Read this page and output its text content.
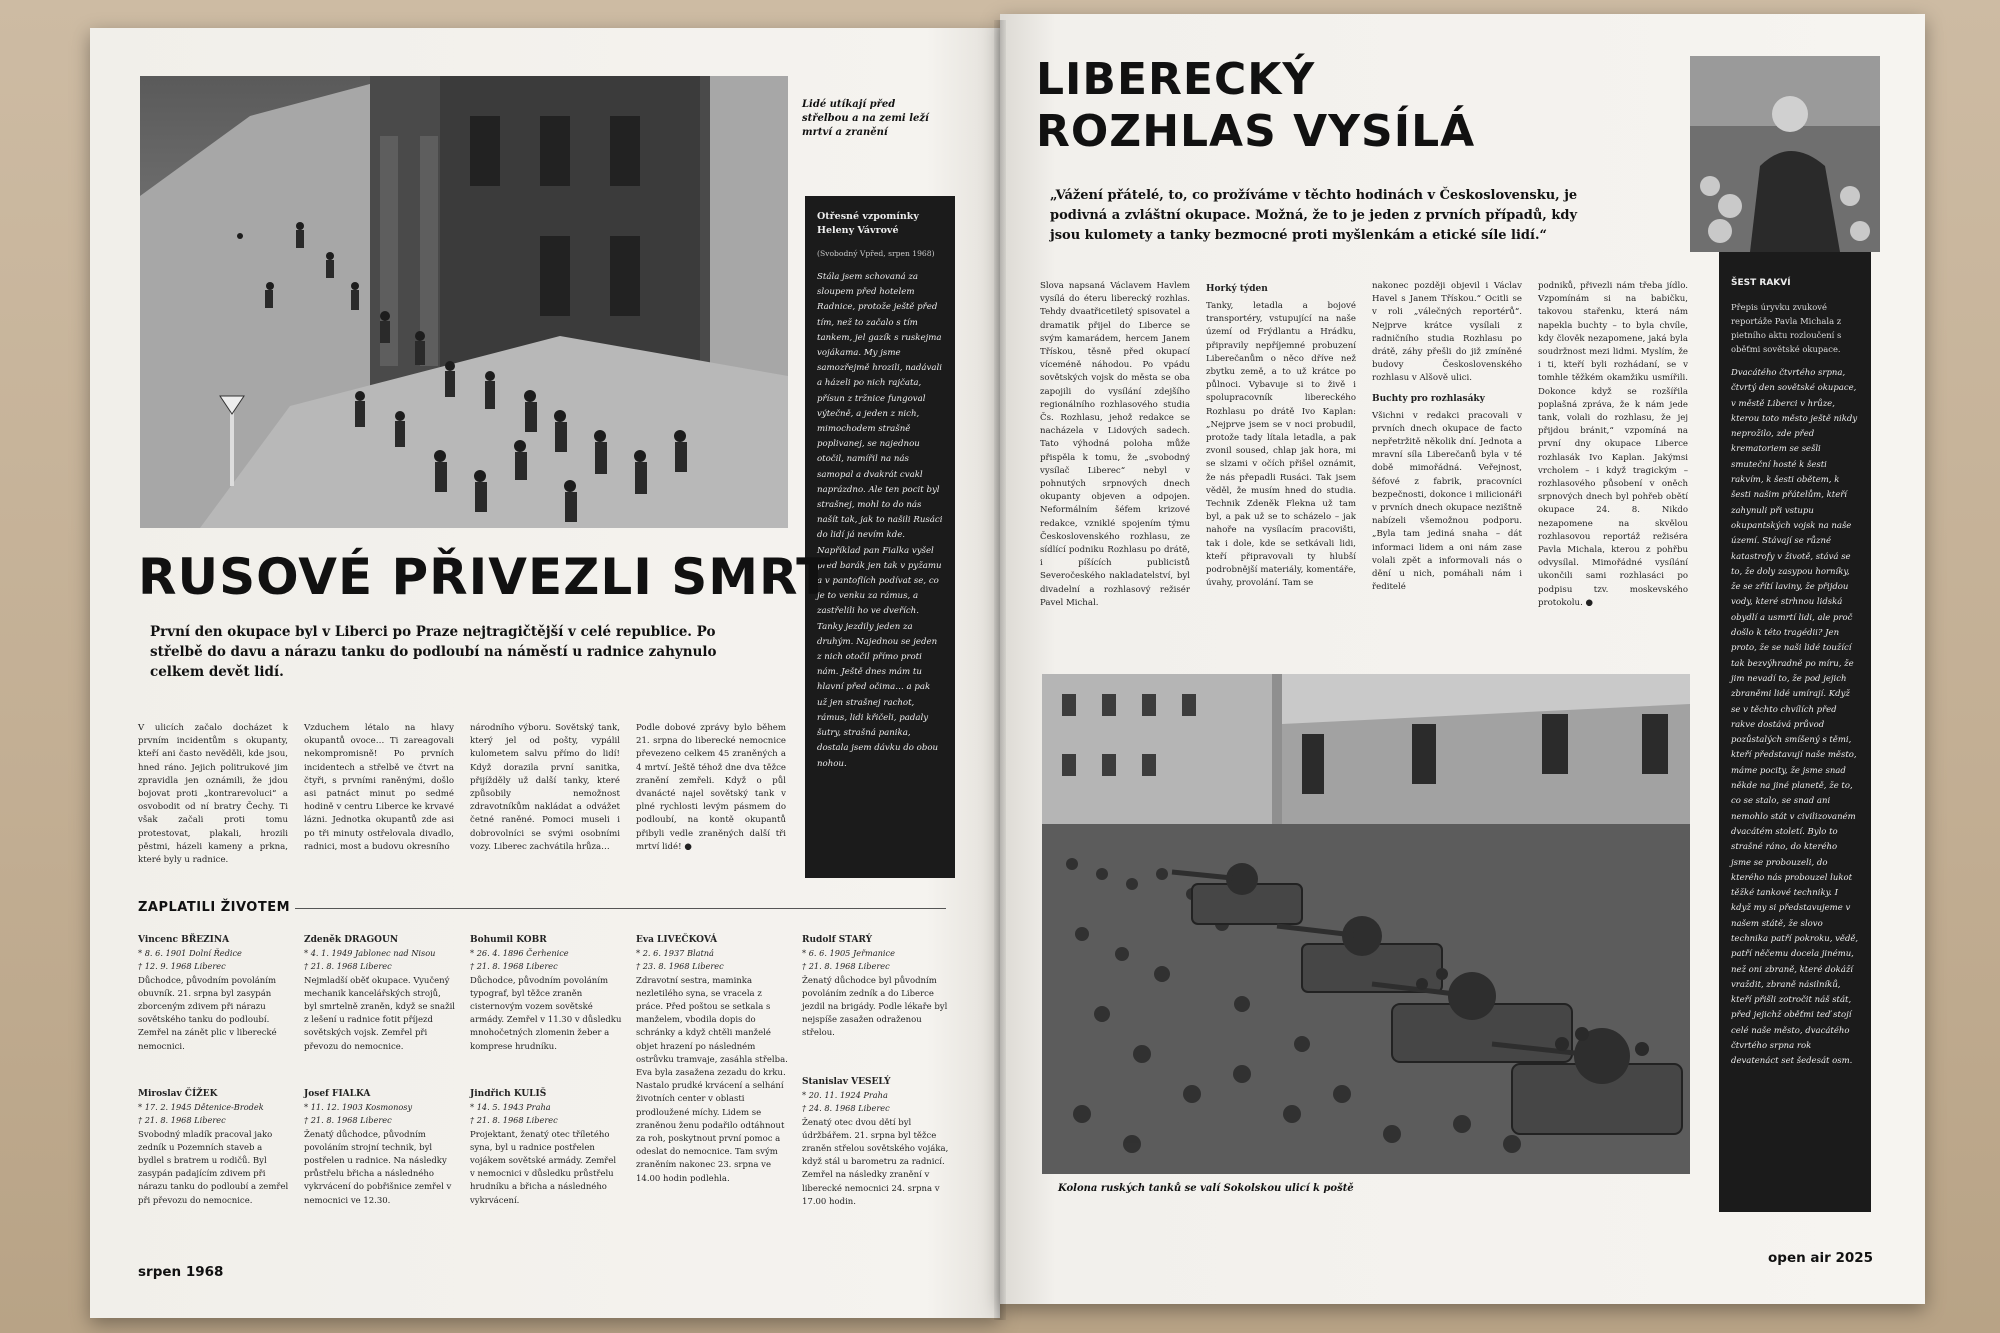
Lidé utíkají před střelbou a na zemi leží mrtví a zranění
Otřesné vzpomínky Heleny Vávrové
(Svobodný Vpřed, srpen 1968)
Stála jsem schovaná za sloupem před hotelem Radnice, protože ještě před tím, než to začalo s tím tankem, jel gazík s ruskejma vojákama. My jsme samozřejmě hrozili, nadávali a házeli po nich rajčata, přísun z tržnice fungoval výtečně, a jeden z nich, mimochodem strašně poplivanej, se najednou otočil, namířil na nás samopal a dvakrát cvakl naprázdno. Ale ten pocit byl strašnej, mohl to do nás našít tak, jak to našili Rusáci do lidí já nevím kde. Například pan Fialka vyšel před barák jen tak v pyžamu a v pantoflích podívat se, co je to venku za rámus, a zastřelili ho ve dveřích. Tanky jezdily jeden za druhým. Najednou se jeden z nich otočil přímo proti nám. Ještě dnes mám tu hlavní před očima… a pak už jen strašnej rachot, rámus, lidi křičeli, padaly šutry, strašná panika, dostala jsem dávku do obou nohou.
RUSOVÉ PŘIVEZLI SMRT
První den okupace byl v Liberci po Praze nejtragičtější v celé republice. Po střelbě do davu a nárazu tanku do podloubí na náměstí u radnice zahynulo celkem devět lidí.
V ulicích začalo docházet k prvním incidentům s okupanty, kteří ani často nevěděli, kde jsou, hned ráno. Jejich politrukové jim zpravidla jen oznámili, že jdou bojovat proti „kontrarevoluci“ a osvobodit od ní bratry Čechy. Ti však začali proti tomu protestovat, plakali, hrozili pěstmi, házeli kameny a prkna, které byly u radnice.
Vzduchem létalo na hlavy okupantů ovoce… Ti zareagovali nekompromisně! Po prvních incidentech a střelbě ve čtvrt na čtyři, s prvními raněnými, došlo asi patnáct minut po sedmé hodině v centru Liberce ke krvavé lázni. Jednotka okupantů zde asi po tři minuty ostřelovala divadlo, radnici, most a budovu okresního
národního výboru. Sovětský tank, který jel od pošty, vypálil kulometem salvu přímo do lidí! Když dorazila první sanitka, přijížděly už další tanky, které způsobily nemožnost zdravotníkům nakládat a odvážet četné raněné. Pomoci museli i dobrovolníci se svými osobními vozy. Liberec zachvátila hrůza…
Podle dobové zprávy bylo během 21. srpna do liberecké nemocnice převezeno celkem 45 zraněných a 4 mrtví. Ještě téhož dne dva těžce zranění zemřeli. Když o půl dvanácté najel sovětský tank v plné rychlosti levým pásmem do podloubí, na kontě okupantů přibyli vedle zraněných další tři mrtví lidé! ●
ZAPLATILI ŽIVOTEM
Vincenc BŘEZINA
* 8. 6. 1901 Dolní Ředice
† 12. 9. 1968 Liberec
Důchodce, původním povoláním obuvník. 21. srpna byl zasypán zborceným zdivem při nárazu sovětského tanku do podloubí. Zemřel na zánět plic v liberecké nemocnici.
Zdeněk DRAGOUN
* 4. 1. 1949 Jablonec nad Nisou
† 21. 8. 1968 Liberec
Nejmladší oběť okupace. Vyučený mechanik kancelářských strojů, byl smrtelně zraněn, když se snažil z lešení u radnice fotit příjezd sovětských vojsk. Zemřel při převozu do nemocnice.
Bohumil KOBR
* 26. 4. 1896 Čerhenice
† 21. 8. 1968 Liberec
Důchodce, původním povoláním typograf, byl těžce zraněn cisternovým vozem sovětské armády. Zemřel v 11.30 v důsledku mnohočetných zlomenin žeber a komprese hrudníku.
Eva LIVEČKOVÁ
* 2. 6. 1937 Blatná
† 23. 8. 1968 Liberec
Zdravotní sestra, maminka nezletilého syna, se vracela z práce. Před poštou se setkala s manželem, vbodila dopis do schránky a když chtěli manželé objet hrazení po následném ostrůvku tramvaje, zasáhla střelba. Eva byla zasažena zezadu do krku. Nastalo prudké krvácení a selhání životních center v oblasti prodloužené míchy. Lidem se zraněnou ženu podařilo odtáhnout za roh, poskytnout první pomoc a odeslat do nemocnice. Tam svým zraněním nakonec 23. srpna ve 14.00 hodin podlehla.
Rudolf STARÝ
* 6. 6. 1905 Jeřmanice
† 21. 8. 1968 Liberec
Ženatý důchodce byl původním povoláním zedník a do Liberce jezdil na brigády. Podle lékaře byl nejspíše zasažen odraženou střelou.
Miroslav ČÍŽEK
* 17. 2. 1945 Dětenice-Brodek
† 21. 8. 1968 Liberec
Svobodný mladík pracoval jako zedník u Pozemních staveb a bydlel s bratrem u rodičů. Byl zasypán padajícím zdivem při nárazu tanku do podloubí a zemřel při převozu do nemocnice.
Josef FIALKA
* 11. 12. 1903 Kosmonosy
† 21. 8. 1968 Liberec
Ženatý důchodce, původním povoláním strojní technik, byl postřelen u radnice. Na následky průstřelu břicha a následného vykrvácení do pobřišnice zemřel v nemocnici ve 12.30.
Jindřich KULIŠ
* 14. 5. 1943 Praha
† 21. 8. 1968 Liberec
Projektant, ženatý otec tříletého syna, byl u radnice postřelen vojákem sovětské armády. Zemřel v nemocnici v důsledku průstřelu hrudníku a břicha a následného vykrvácení.
Stanislav VESELÝ
* 20. 11. 1924 Praha
† 24. 8. 1968 Liberec
Ženatý otec dvou dětí byl údržbářem. 21. srpna byl těžce zraněn střelou sovětského vojáka, když stál u barometru za radnicí. Zemřel na následky zranění v liberecké nemocnici 24. srpna v 17.00 hodin.
srpen 1968
LIBERECKÝ
ROZHLAS VYSÍLÁ
„Vážení přátelé, to, co prožíváme v těchto hodinách v Československu, je podivná a zvláštní okupace. Možná, že to je jeden z prvních případů, kdy jsou kulomety a tanky bezmocné proti myšlenkám a etické síle lidí.“
Slova napsaná Václavem Havlem vysílá do éteru liberecký rozhlas. Tehdy dvaatřicetiletý spisovatel a dramatik přijel do Liberce se svým kamarádem, hercem Janem Třískou, těsně před okupací víceméně náhodou. Po vpádu sovětských vojsk do města se oba zapojili do vysílání zdejšího regionálního rozhlasového studia Čs. Rozhlasu, jehož redakce se nacházela v Lidových sadech. Tato výhodná poloha může přispěla k tomu, že „svobodný vysílač Liberec“ nebyl v pohnutých srpnových dnech okupanty objeven a odpojen. Neformálním šéfem krizové redakce, vzniklé spojením týmu Československého rozhlasu, ze sídlící podniku Rozhlasu po drátě, i píšících publicistů Severočeského nakladatelství, byl divadelní a rozhlasový režisér Pavel Michal.
Horký týden
Tanky, letadla a bojové transportéry, vstupující na naše území od Frýdlantu a Hrádku, připravily nepříjemné probuzení Liberečanům o něco dříve než zbytku země, a to už krátce po půlnoci. Vybavuje si to živě i spolupracovník libereckého Rozhlasu po drátě Ivo Kaplan: „Nejprve jsem se v noci probudil, protože tady lítala letadla, a pak zvonil soused, chlap jak hora, mi se slzami v očích přišel oznámit, že nás přepadli Rusáci. Tak jsem věděl, že musím hned do studia. Technik Zdeněk Flekna už tam byl, a pak už se to scházelo – jak nahoře na vysílacím pracovišti, tak i dole, kde se setkávali lidi, kteří připravovali ty hlubší podrobnější materiály, komentáře, úvahy, provolání. Tam se
nakonec později objevil i Václav Havel s Janem Třískou.“ Ocitli se v roli „válečných reportérů“. Nejprve krátce vysílali z radničního studia Rozhlasu po drátě, záhy přešli do již zmíněné budovy Československého rozhlasu v Alšově ulici.
Buchty pro rozhlasáky
Všichni v redakci pracovali v prvních dnech okupace de facto nepřetržitě několik dní. Jednota a mravní síla Liberečanů byla v té době mimořádná. Veřejnost, šéfové z fabrik, pracovníci bezpečnosti, dokonce i milicionáři v prvních dnech okupace nezištně nabízeli všemožnou podporu. „Byla tam jediná snaha – dát informaci lidem a oni nám zase volali zpět a informovali nás o dění u nich, pomáhali nám i ředitelé
podniků, přivezli nám třeba jídlo. Vzpomínám si na babičku, takovou stařenku, která nám napekla buchty – to byla chvíle, kdy člověk nezapomene, jaká byla soudržnost mezi lidmi. Myslím, že i ti, kteří byli rozhádaní, se v tomhle těžkém okamžiku usmířili. Dokonce když se rozšířila poplašná zpráva, že k nám jede tank, volali do rozhlasu, že jej přijdou bránit,“ vzpomíná na první dny okupace Liberce rozhlasák Ivo Kaplan. Jakýmsi vrcholem – i když tragickým – rozhlasového působení v oněch srpnových dnech byl pohřeb obětí okupace 24. 8. Nikdo nezapomene na skvělou rozhlasovou reportáž režiséra Pavla Michala, kterou z pohřbu odvysílal. Mimořádné vysílání ukončili sami rozhlasáci po podpisu tzv. moskevského protokolu. ●
Kolona ruských tanků se valí Sokolskou ulicí k poště
ŠEST RAKVÍ
Přepis úryvku zvukové reportáže Pavla Michala z pietního aktu rozloučení s oběťmi sovětské okupace.
Dvacátého čtvrtého srpna, čtvrtý den sovětské okupace, v městě Liberci v hrůze, kterou toto město ještě nikdy neprožilo, zde před krematoriem se sešli smuteční hosté k šesti rakvím, k šesti obětem, k šesti našim přátelům, kteří zahynuli při vstupu okupantských vojsk na naše území. Stávají se různé katastrofy v životě, stává se to, že doly zasypou horníky, že se zřítí laviny, že přijdou vody, které strhnou lidská obydlí a usmrtí lidi, ale proč došlo k této tragédii? Jen proto, že se naši lidé toužící tak bezvýhradně po míru, že jim nevadí to, že pod jejich zbraněmi lidé umírají. Když se v těchto chvílích před rakve dostává průvod pozůstalých smíšený s těmi, kteří představují naše město, máme pocity, že jsme snad někde na jiné planetě, že to, co se stalo, se snad ani nemohlo stát v civilizovaném dvacátém století. Bylo to strašné ráno, do kterého jsme se probouzeli, do kterého nás probouzel lukot těžké tankové techniky. I když my si představujeme v našem státě, že slovo technika patří pokroku, vědě, patří něčemu docela jinému, než oni zbraně, které dokáží vraždit, zbraně násilníků, kteří přišli zotročit náš stát, před jejichž oběťmi teď stojí celé naše město, dvacátého čtvrtého srpna rok devatenáct set šedesát osm.
open air 2025
